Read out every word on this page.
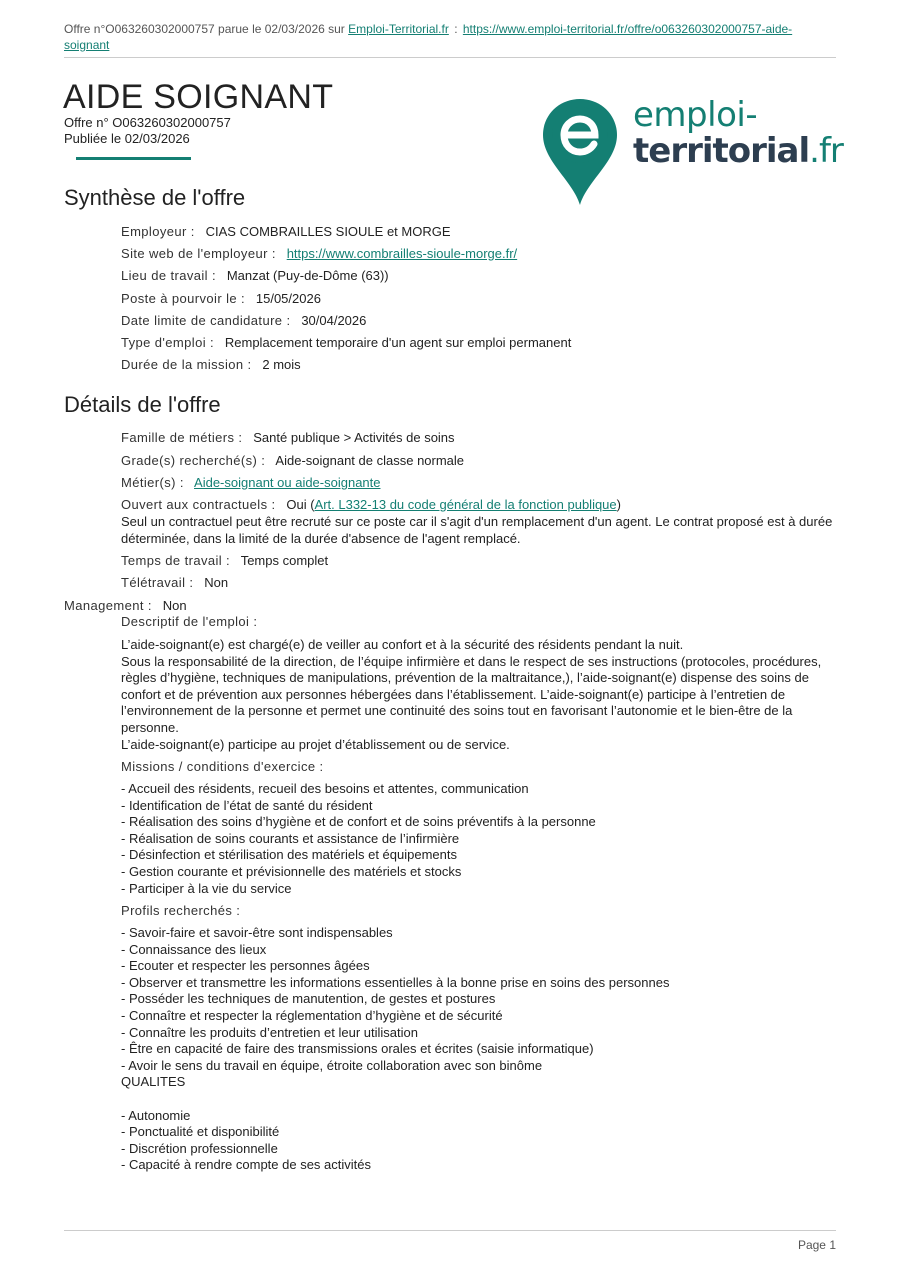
Offre n°O063260302000757 parue le 02/03/2026 sur Emploi-Territorial.fr : https://www.emploi-territorial.fr/offre/o063260302000757-aide-soignant
AIDE SOIGNANT
Offre n° O063260302000757
Publiée le 02/03/2026
emploi-
territorial.fr
Synthèse de l'offre
Employeur : CIAS COMBRAILLES SIOULE et MORGE
Site web de l'employeur : https://www.combrailles-sioule-morge.fr/
Lieu de travail : Manzat (Puy-de-Dôme (63))
Poste à pourvoir le : 15/05/2026
Date limite de candidature : 30/04/2026
Type d'emploi : Remplacement temporaire d'un agent sur emploi permanent
Durée de la mission : 2 mois
Détails de l'offre
Famille de métiers : Santé publique > Activités de soins
Grade(s) recherché(s) : Aide-soignant de classe normale
Métier(s) : Aide-soignant ou aide-soignante
Ouvert aux contractuels : Oui (Art. L332-13 du code général de la fonction publique)

Seul un contractuel peut être recruté sur ce poste car il s'agit d'un remplacement d'un agent. Le contrat proposé est à durée déterminée, dans la limité de la durée d'absence de l'agent remplacé.

Temps de travail : Temps complet
Télétravail : Non
Management : Non
Descriptif de l'emploi :

L’aide-soignant(e) est chargé(e) de veiller au confort et à la sécurité des résidents pendant la nuit.
Sous la responsabilité de la direction, de l’équipe infirmière et dans le respect de ses instructions (protocoles, procédures, règles d’hygiène, techniques de manipulations, prévention de la maltraitance,), l’aide-soignant(e) dispense des soins de confort et de prévention aux personnes hébergées dans l’établissement. L’aide-soignant(e) participe à l’entretien de l’environnement de la personne et permet une continuité des soins tout en favorisant l’autonomie et le bien-être de la personne.
L’aide-soignant(e) participe au projet d’établissement ou de service.

Missions / conditions d'exercice :

- Accueil des résidents, recueil des besoins et attentes, communication
- Identification de l’état de santé du résident
- Réalisation des soins d’hygiène et de confort et de soins préventifs à la personne
- Réalisation de soins courants et assistance de l’infirmière
- Désinfection et stérilisation des matériels et équipements
- Gestion courante et prévisionnelle des matériels et stocks
- Participer à la vie du service

Profils recherchés :

- Savoir-faire et savoir-être sont indispensables
- Connaissance des lieux
- Ecouter et respecter les personnes âgées
- Observer et transmettre les informations essentielles à la bonne prise en soins des personnes
- Posséder les techniques de manutention, de gestes et postures
- Connaître et respecter la réglementation d’hygiène et de sécurité
- Connaître les produits d’entretien et leur utilisation
- Être en capacité de faire des transmissions orales et écrites (saisie informatique)
- Avoir le sens du travail en équipe, étroite collaboration avec son binôme
QUALITES

- Autonomie
- Ponctualité et disponibilité
- Discrétion professionnelle
- Capacité à rendre compte de ses activités

Page 1
